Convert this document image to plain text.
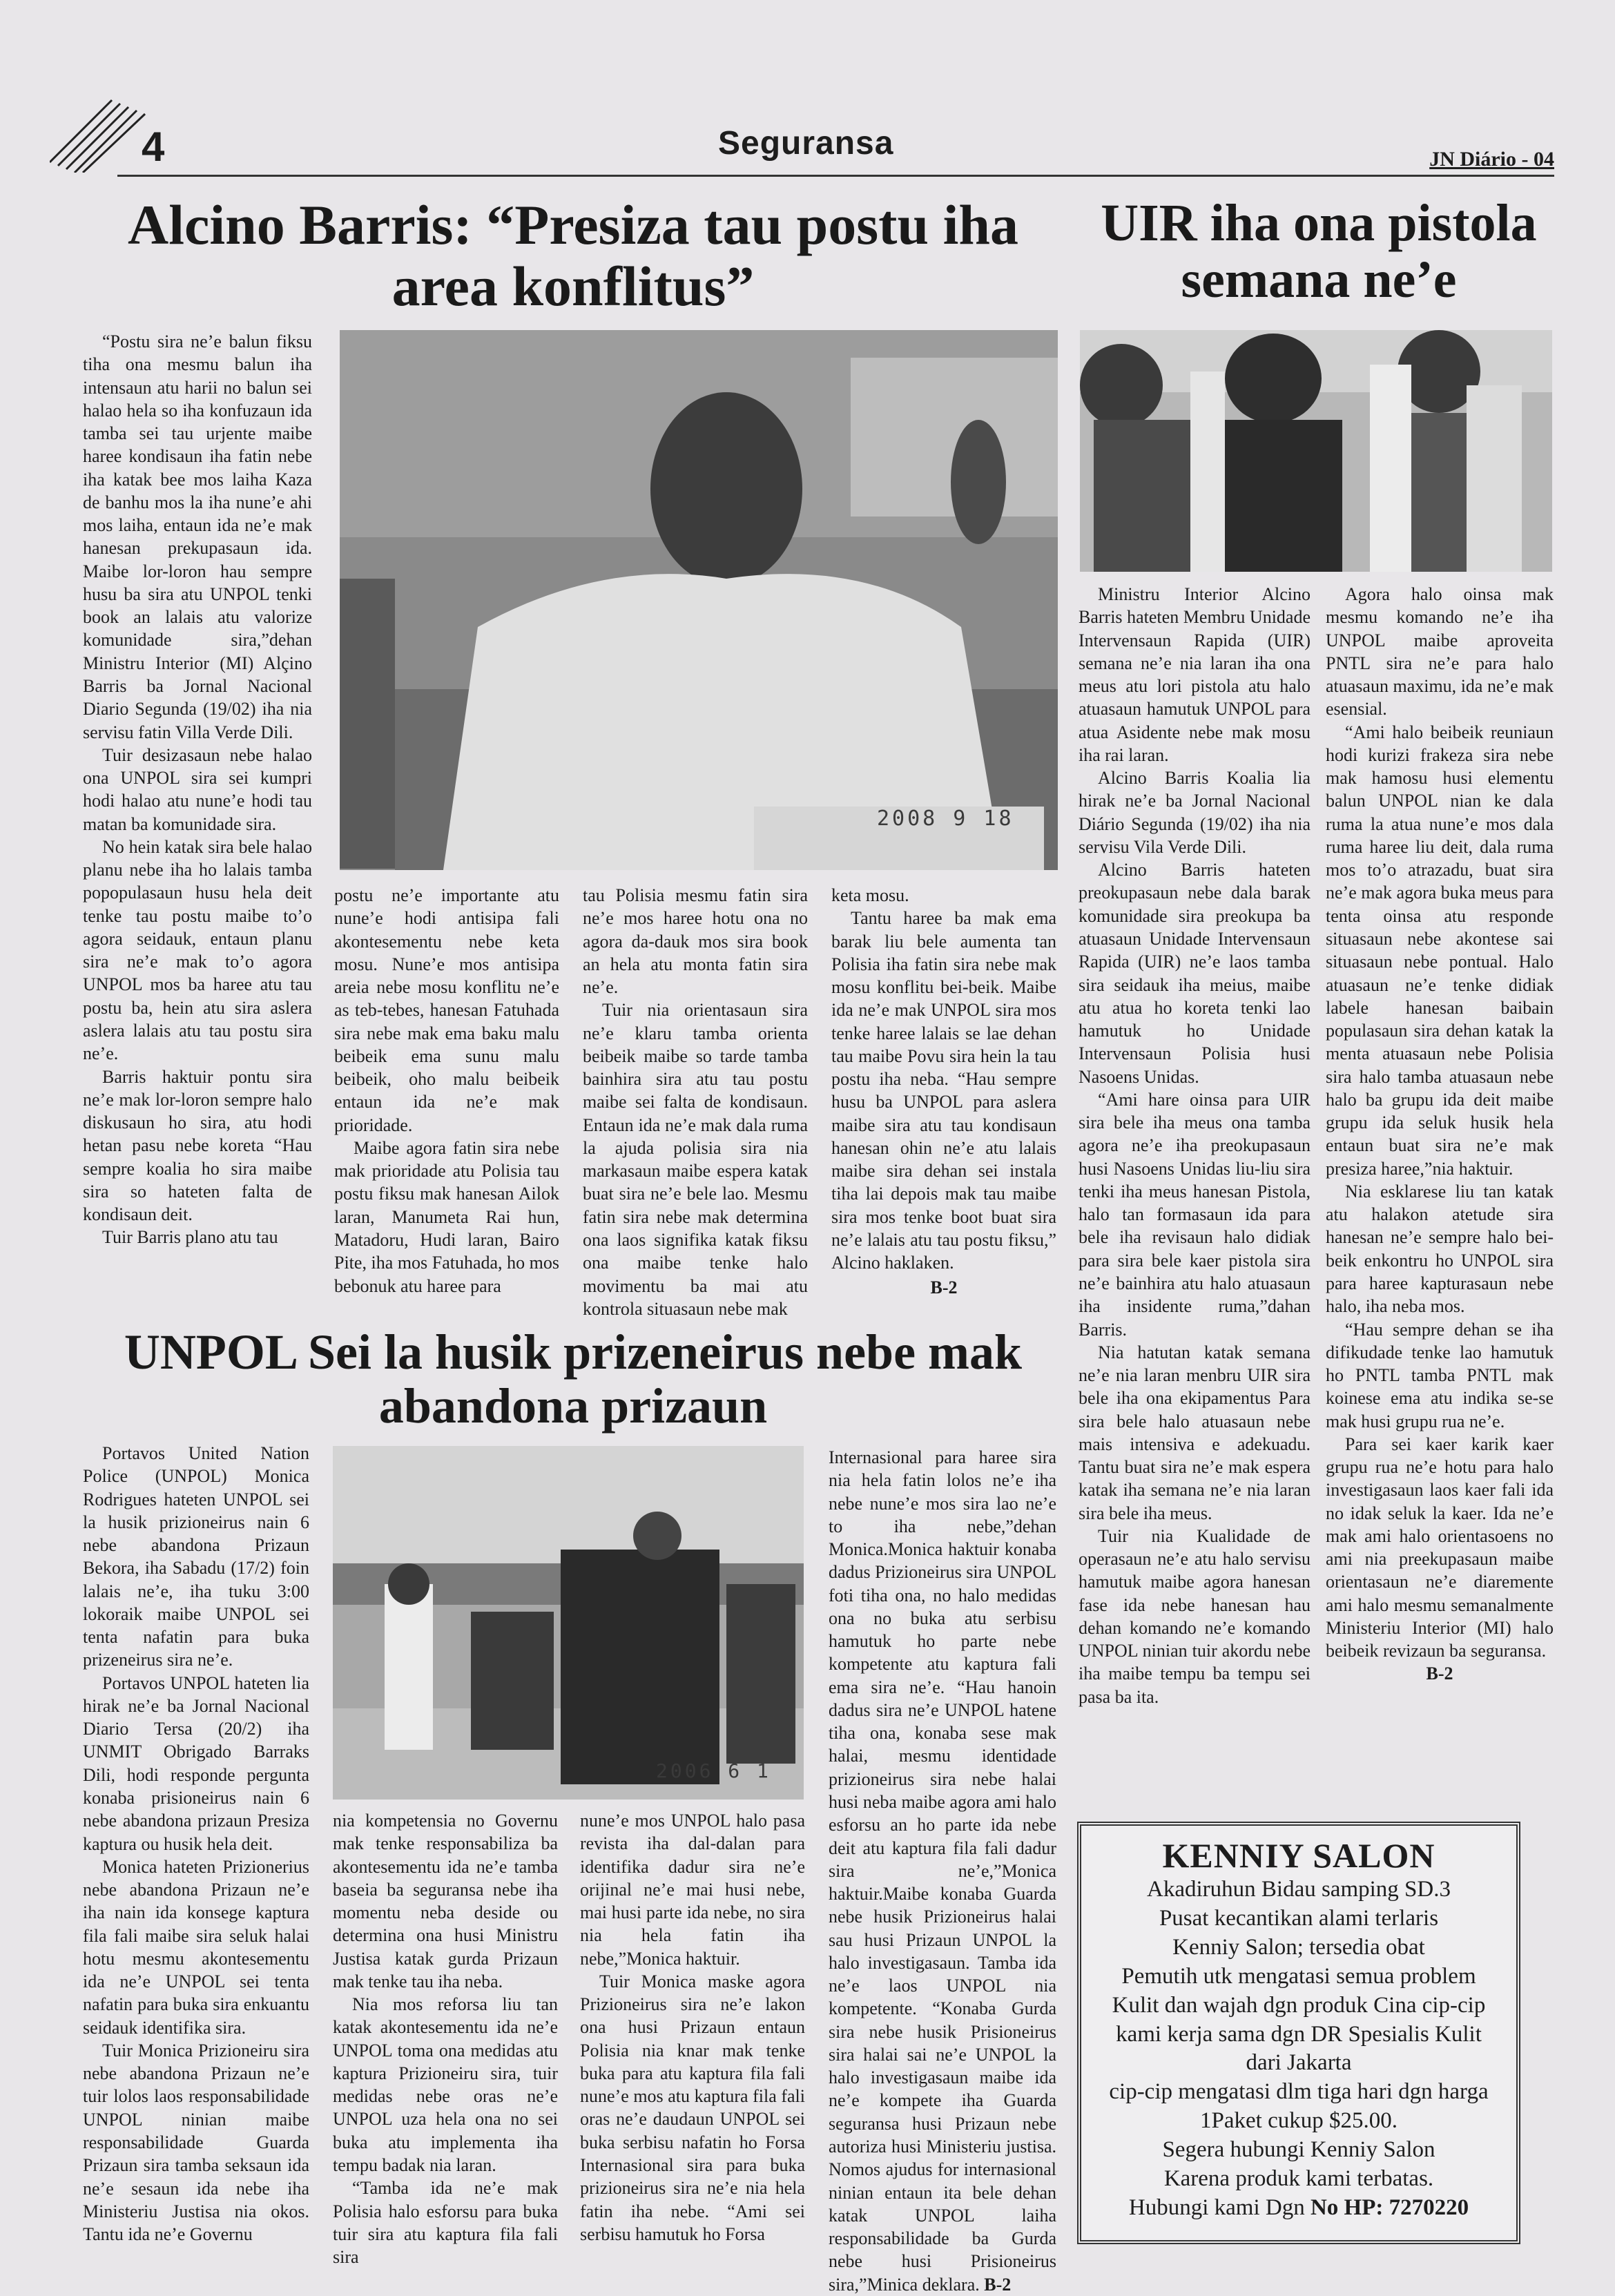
4	Seguransa	JN Diário - 04
Alcino Barris: “Presiza tau postu iha area konflitus”

“Postu sira ne’e balun fiksu tiha ona mesmu balun iha intensaun atu harii no balun sei halao hela so iha konfuzaun ida tamba sei tau urjente maibe haree kondisaun iha fatin nebe iha katak bee mos laiha Kaza de banhu mos la iha nune’e ahi mos laiha, entaun ida ne’e mak hanesan prekupasaun ida. Maibe lor-loron hau sempre husu ba sira atu UNPOL tenki book an lalais atu valorize komunidade sira,”dehan Ministru Interior (MI) Alçino Barris ba Jornal Nacional Diario Segunda (19/02) iha nia servisu fatin Villa Verde Dili.

Tuir desizasaun nebe halao ona UNPOL sira sei kumpri hodi halao atu nune’e hodi tau matan ba komunidade sira.

No hein katak sira bele halao planu nebe iha ho lalais tamba popopulasaun husu hela deit tenke tau postu maibe to’o agora seidauk, entaun planu sira ne’e mak to’o agora UNPOL mos ba haree atu tau postu ba, hein atu sira aslera aslera lalais atu tau postu sira ne’e.

Barris haktuir pontu sira ne’e mak lor-loron sempre halo diskusaun ho sira, atu hodi hetan pasu nebe koreta “Hau sempre koalia ho sira maibe sira so hateten falta de kondisaun deit.

Tuir Barris plano atu tau

2008 9 18

postu ne’e importante atu nune’e hodi antisipa fali akontesementu nebe keta mosu. Nune’e mos antisipa areia nebe mosu konflitu ne’e as teb-tebes, hanesan Fatuhada sira nebe mak ema baku malu beibeik ema sunu malu beibeik, oho malu beibeik entaun ida ne’e mak prioridade.

Maibe agora fatin sira nebe mak prioridade atu Polisia tau postu fiksu mak hanesan Ailok laran, Manumeta Rai hun, Matadoru, Hudi laran, Bairo Pite, iha mos Fatuhada, ho mos bebonuk atu haree para

tau Polisia mesmu fatin sira ne’e mos haree hotu ona no agora da-dauk mos sira book an hela atu monta fatin sira ne’e.

Tuir nia orientasaun sira ne’e klaru tamba orienta beibeik maibe so tarde tamba bainhira sira atu tau postu maibe sei falta de kondisaun. Entaun ida ne’e mak dala ruma la ajuda polisia sira nia markasaun maibe espera katak buat sira ne’e bele lao. Mesmu fatin sira nebe mak determina ona laos signifika katak fiksu ona maibe tenke halo movimentu ba mai atu kontrola situasaun nebe mak

keta mosu.

Tantu haree ba mak ema barak liu bele aumenta tan Polisia iha fatin sira nebe mak mosu konflitu bei-beik. Maibe ida ne’e mak UNPOL sira mos tenke haree lalais se lae dehan tau maibe Povu sira hein la tau postu iha neba. “Hau sempre husu ba UNPOL para aslera maibe sira atu tau kondisaun hanesan ohin ne’e atu lalais maibe sira dehan sei instala tiha lai depois mak tau maibe sira mos tenke boot buat sira ne’e lalais atu tau postu fiksu,” Alcino haklaken.

B-2

UIR iha ona pistola semana ne’e

Ministru Interior Alcino Barris hateten Membru Unidade Intervensaun Rapida (UIR) semana ne’e nia laran iha ona meus atu lori pistola atu halo atuasaun hamutuk UNPOL para atua Asidente nebe mak mosu iha rai laran.

Alcino Barris Koalia lia hirak ne’e ba Jornal Nacional Diário Segunda (19/02) iha nia servisu Vila Verde Dili.

Alcino Barris hateten preokupasaun nebe dala barak komunidade sira preokupa ba atuasaun Unidade Intervensaun Rapida (UIR) ne’e laos tamba sira seidauk iha meius, maibe atu atua ho koreta tenki lao hamutuk ho Unidade Intervensaun Polisia husi Nasoens Unidas.

“Ami hare oinsa para UIR sira bele iha meus ona tamba agora ne’e iha preokupasaun husi Nasoens Unidas liu-liu sira tenki iha meus hanesan Pistola, halo tan formasaun ida para bele iha revisaun halo didiak para sira bele kaer pistola sira ne’e bainhira atu halo atuasaun iha insidente ruma,”dahan Barris.

Nia hatutan katak semana ne’e nia laran menbru UIR sira bele iha ona ekipamentus Para sira bele halo atuasaun nebe mais intensiva e adekuadu. Tantu buat sira ne’e mak espera katak iha semana ne’e nia laran sira bele iha meus.

Tuir nia Kualidade de operasaun ne’e atu halo servisu hamutuk maibe agora hanesan fase ida nebe hanesan hau dehan komando ne’e komando UNPOL ninian tuir akordu nebe iha maibe tempu ba tempu sei pasa ba ita.

Agora halo oinsa mak mesmu komando ne’e iha UNPOL maibe aproveita PNTL sira ne’e para halo atuasaun maximu, ida ne’e mak esensial.

“Ami halo beibeik reuniaun hodi kurizi frakeza sira nebe mak hamosu husi elementu balun UNPOL nian ke dala ruma la atua nune’e mos dala ruma haree liu deit, dala ruma mos to’o atrazadu, buat sira ne’e mak agora buka meus para tenta oinsa atu responde situasaun nebe akontese sai situasaun nebe pontual. Halo atuasaun ne’e tenke didiak labele hanesan baibain populasaun sira dehan katak la menta atuasaun nebe Polisia sira halo tamba atuasaun nebe halo ba grupu ida deit maibe grupu ida seluk husik hela entaun buat sira ne’e mak presiza haree,”nia haktuir.

Nia esklarese liu tan katak atu halakon atetude sira hanesan ne’e sempre halo bei-beik enkontru ho UNPOL sira para haree kapturasaun nebe halo, iha neba mos.

“Hau sempre dehan se iha difikudade tenke lao hamutuk ho PNTL tamba PNTL mak koinese ema atu indika se-se mak husi grupu rua ne’e.

Para sei kaer karik kaer grupu rua ne’e hotu para halo investigasaun laos kaer fali ida no idak seluk la kaer. Ida ne’e mak ami halo orientasoens no ami nia preekupasaun maibe orientasaun ne’e diaremente ami halo mesmu semanalmente Ministeriu Interior (MI) halo beibeik revizaun ba seguransa.

B-2

UNPOL Sei la husik prizeneirus nebe mak abandona prizaun

Portavos United Nation Police (UNPOL) Monica Rodrigues hateten UNPOL sei la husik prizioneirus nain 6 nebe abandona Prizaun Bekora, iha Sabadu (17/2) foin lalais ne’e, iha tuku 3:00 lokoraik maibe UNPOL sei tenta nafatin para buka prizeneirus sira ne’e.

Portavos UNPOL hateten lia hirak ne’e ba Jornal Nacional Diario Tersa (20/2) iha UNMIT Obrigado Barraks Dili, hodi responde pergunta konaba prisioneirus nain 6 nebe abandona prizaun Presiza kaptura ou husik hela deit.

Monica hateten Prizionerius nebe abandona Prizaun ne’e iha nain ida konsege kaptura fila fali maibe sira seluk halai hotu mesmu akontesementu ida ne’e UNPOL sei tenta nafatin para buka sira enkuantu seidauk identifika sira.

Tuir Monica Prizioneiru sira nebe abandona Prizaun ne’e tuir lolos laos responsabilidade UNPOL ninian maibe responsabilidade Guarda Prizaun sira tamba seksaun ida ne’e sesaun ida nebe iha Ministeriu Justisa nia okos. Tantu ida ne’e Governu

2006 6 1

nia kompetensia no Governu mak tenke responsabiliza ba akontesementu ida ne’e tamba baseia ba seguransa nebe iha momentu neba deside ou determina ona husi Ministru Justisa katak gurda Prizaun mak tenke tau iha neba.

Nia mos reforsa liu tan katak akontesementu ida ne’e UNPOL toma ona medidas atu kaptura Prizioneiru sira, tuir medidas nebe oras ne’e UNPOL uza hela ona no sei buka atu implementa iha tempu badak nia laran.

“Tamba ida ne’e mak Polisia halo esforsu para buka tuir sira atu kaptura fila fali sira

nune’e mos UNPOL halo pasa revista iha dal-dalan para identifika dadur sira ne’e orijinal ne’e mai husi nebe, mai husi parte ida nebe, no sira nia hela fatin iha nebe,”Monica haktuir.

Tuir Monica maske agora Prizioneirus sira ne’e lakon ona husi Prizaun entaun Polisia nia knar mak tenke buka para atu kaptura fila fali nune’e mos atu kaptura fila fali oras ne’e daudaun UNPOL sei buka serbisu nafatin ho Forsa Internasional sira para buka prizioneirus sira ne’e nia hela fatin iha nebe. “Ami sei serbisu hamutuk ho Forsa

Internasional para haree sira nia hela fatin lolos ne’e iha nebe nune’e mos sira lao ne’e to iha nebe,”dehan Monica.Monica haktuir konaba dadus Prizioneirus sira UNPOL foti tiha ona, no halo medidas ona no buka atu serbisu hamutuk ho parte nebe kompetente atu kaptura fali ema sira ne’e. “Hau hanoin dadus sira ne’e UNPOL hatene tiha ona, konaba sese mak halai, mesmu identidade prizioneirus sira nebe halai husi neba maibe agora ami halo esforsu an ho parte ida nebe deit atu kaptura fila fali dadur sira ne’e,”Monica haktuir.Maibe konaba Guarda nebe husik Prizioneirus halai sau husi Prizaun UNPOL la halo investigasaun. Tamba ida ne’e laos UNPOL nia kompetente. “Konaba Gurda sira nebe husik Prisioneirus sira halai sai ne’e UNPOL la halo investigasaun maibe ida ne’e kompete iha Guarda seguransa husi Prizaun nebe autoriza husi Ministeriu justisa. Nomos ajudus for internasional ninian entaun ita bele dehan katak UNPOL laiha responsabilidade ba Gurda nebe husi Prisioneirus sira,”Minica deklara. B-2

KENNIY SALON
Akadiruhun Bidau samping SD.3
Pusat kecantikan alami terlaris
Kenniy Salon; tersedia obat
Pemutih utk mengatasi semua problem
Kulit dan wajah dgn produk Cina cip-cip
kami kerja sama dgn DR Spesialis Kulit
dari Jakarta
cip-cip mengatasi dlm tiga hari dgn harga
1Paket cukup $25.00.
Segera hubungi Kenniy Salon
Karena produk kami terbatas.
Hubungi kami Dgn No HP: 7270220
